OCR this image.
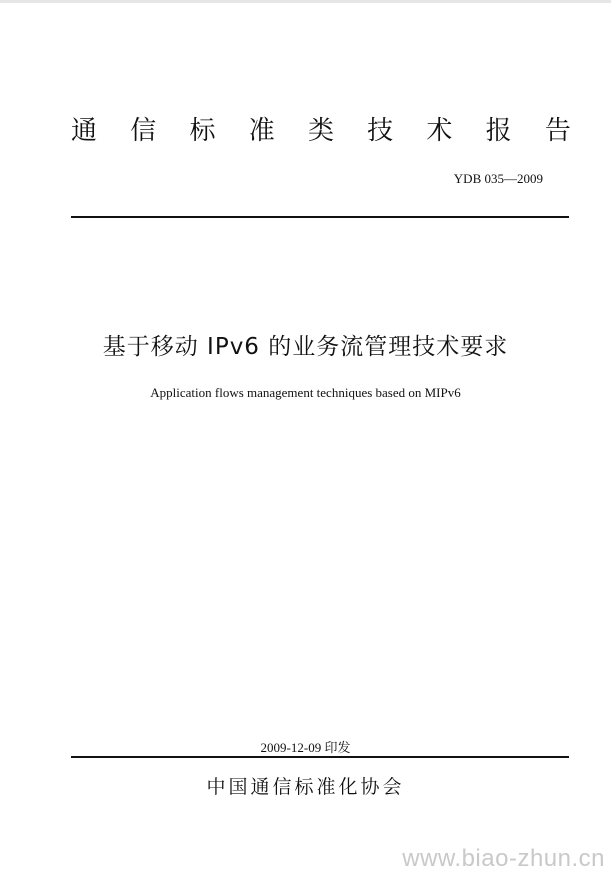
通 信 标 准 类 技 术 报 告
YDB 035—2009
基于移动 IPv6 的业务流管理技术要求
Application flows management techniques based on MIPv6
2009-12-09 印发
中国通信标准化协会
www.biao-zhun.cn
